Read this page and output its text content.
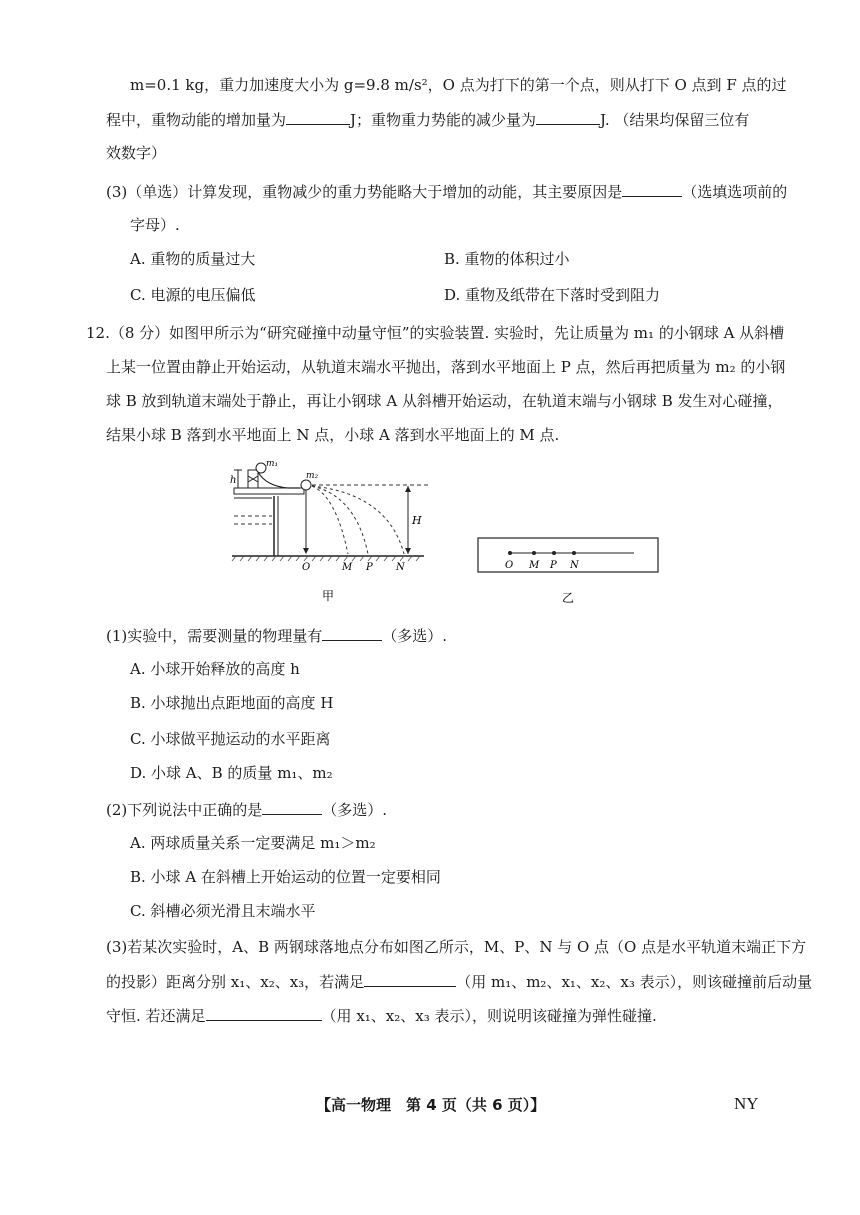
m=0.1 kg，重力加速度大小为 g=9.8 m/s²，O 点为打下的第一个点，则从打下 O 点到 F 点的过
程中，重物动能的增加量为	J；重物重力势能的减少量为	J. （结果均保留三位有
效数字）
(3)（单选）计算发现，重物减少的重力势能略大于增加的动能，其主要原因是	（选填选项前的
字母）.
A. 重物的质量过大	B. 重物的体积过小
C. 电源的电压偏低	D. 重物及纸带在下落时受到阻力
12.（8 分）如图甲所示为“研究碰撞中动量守恒”的实验装置. 实验时，先让质量为 m₁ 的小钢球 A 从斜槽
上某一位置由静止开始运动，从轨道末端水平抛出，落到水平地面上 P 点，然后再把质量为 m₂ 的小钢
球 B 放到轨道末端处于静止，再让小钢球 A 从斜槽开始运动，在轨道末端与小钢球 B 发生对心碰撞，
结果小球 B 落到水平地面上 N 点，小球 A 落到水平地面上的 M 点.
m₁
m₂
h
H
O	M P N
甲
O M P N
乙
(1)实验中，需要测量的物理量有	（多选）.
A. 小球开始释放的高度 h
B. 小球抛出点距地面的高度 H
C. 小球做平抛运动的水平距离
D. 小球 A、B 的质量 m₁、m₂
(2)下列说法中正确的是	（多选）.
A. 两球质量关系一定要满足 m₁＞m₂
B. 小球 A 在斜槽上开始运动的位置一定要相同
C. 斜槽必须光滑且末端水平
(3)若某次实验时，A、B 两钢球落地点分布如图乙所示，M、P、N 与 O 点（O 点是水平轨道末端正下方
的投影）距离分别 x₁、x₂、x₃，若满足	（用 m₁、m₂、x₁、x₂、x₃ 表示），则该碰撞前后动量
守恒. 若还满足	（用 x₁、x₂、x₃ 表示），则说明该碰撞为弹性碰撞.
【高一物理　第 4 页（共 6 页）】	NY
